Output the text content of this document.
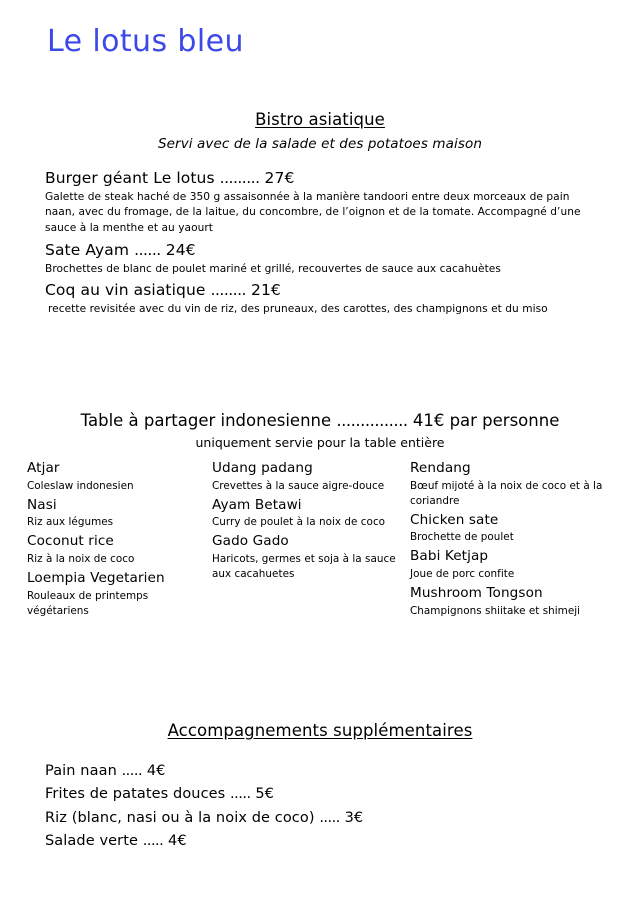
Le lotus bleu
Bistro asiatique
Servi avec de la salade et des potatoes maison
Burger géant Le lotus ......... 27€
Galette de steak haché de 350 g assaisonnée à la manière tandoori entre deux morceaux de pain naan, avec du fromage, de la laitue, du concombre, de l’oignon et de la tomate. Accompagné d’une sauce à la menthe et au yaourt
Sate Ayam ...... 24€
Brochettes de blanc de poulet mariné et grillé, recouvertes de sauce aux cacahuètes
Coq au vin asiatique ........ 21€
recette revisitée avec du vin de riz, des pruneaux, des carottes, des champignons et du miso
Table à partager indonesienne ............... 41€ par personne
uniquement servie pour la table entière
Atjar
Coleslaw indonesien
Nasi
Riz aux légumes
Coconut rice
Riz à la noix de coco
Loempia Vegetarien
Rouleaux de printemps végétariens
Udang padang
Crevettes à la sauce aigre-douce
Ayam Betawi
Curry de poulet à la noix de coco
Gado Gado
Haricots, germes et soja à la sauce aux cacahuetes
Rendang
Bœuf mijoté à la noix de coco et à la coriandre
Chicken sate
Brochette de poulet
Babi Ketjap
Joue de porc confite
Mushroom Tongson
Champignons shiitake et shimeji
Accompagnements supplémentaires
Pain naan ..... 4€
Frites de patates douces ..... 5€
Riz (blanc, nasi ou à la noix de coco) ..... 3€
Salade verte ..... 4€
